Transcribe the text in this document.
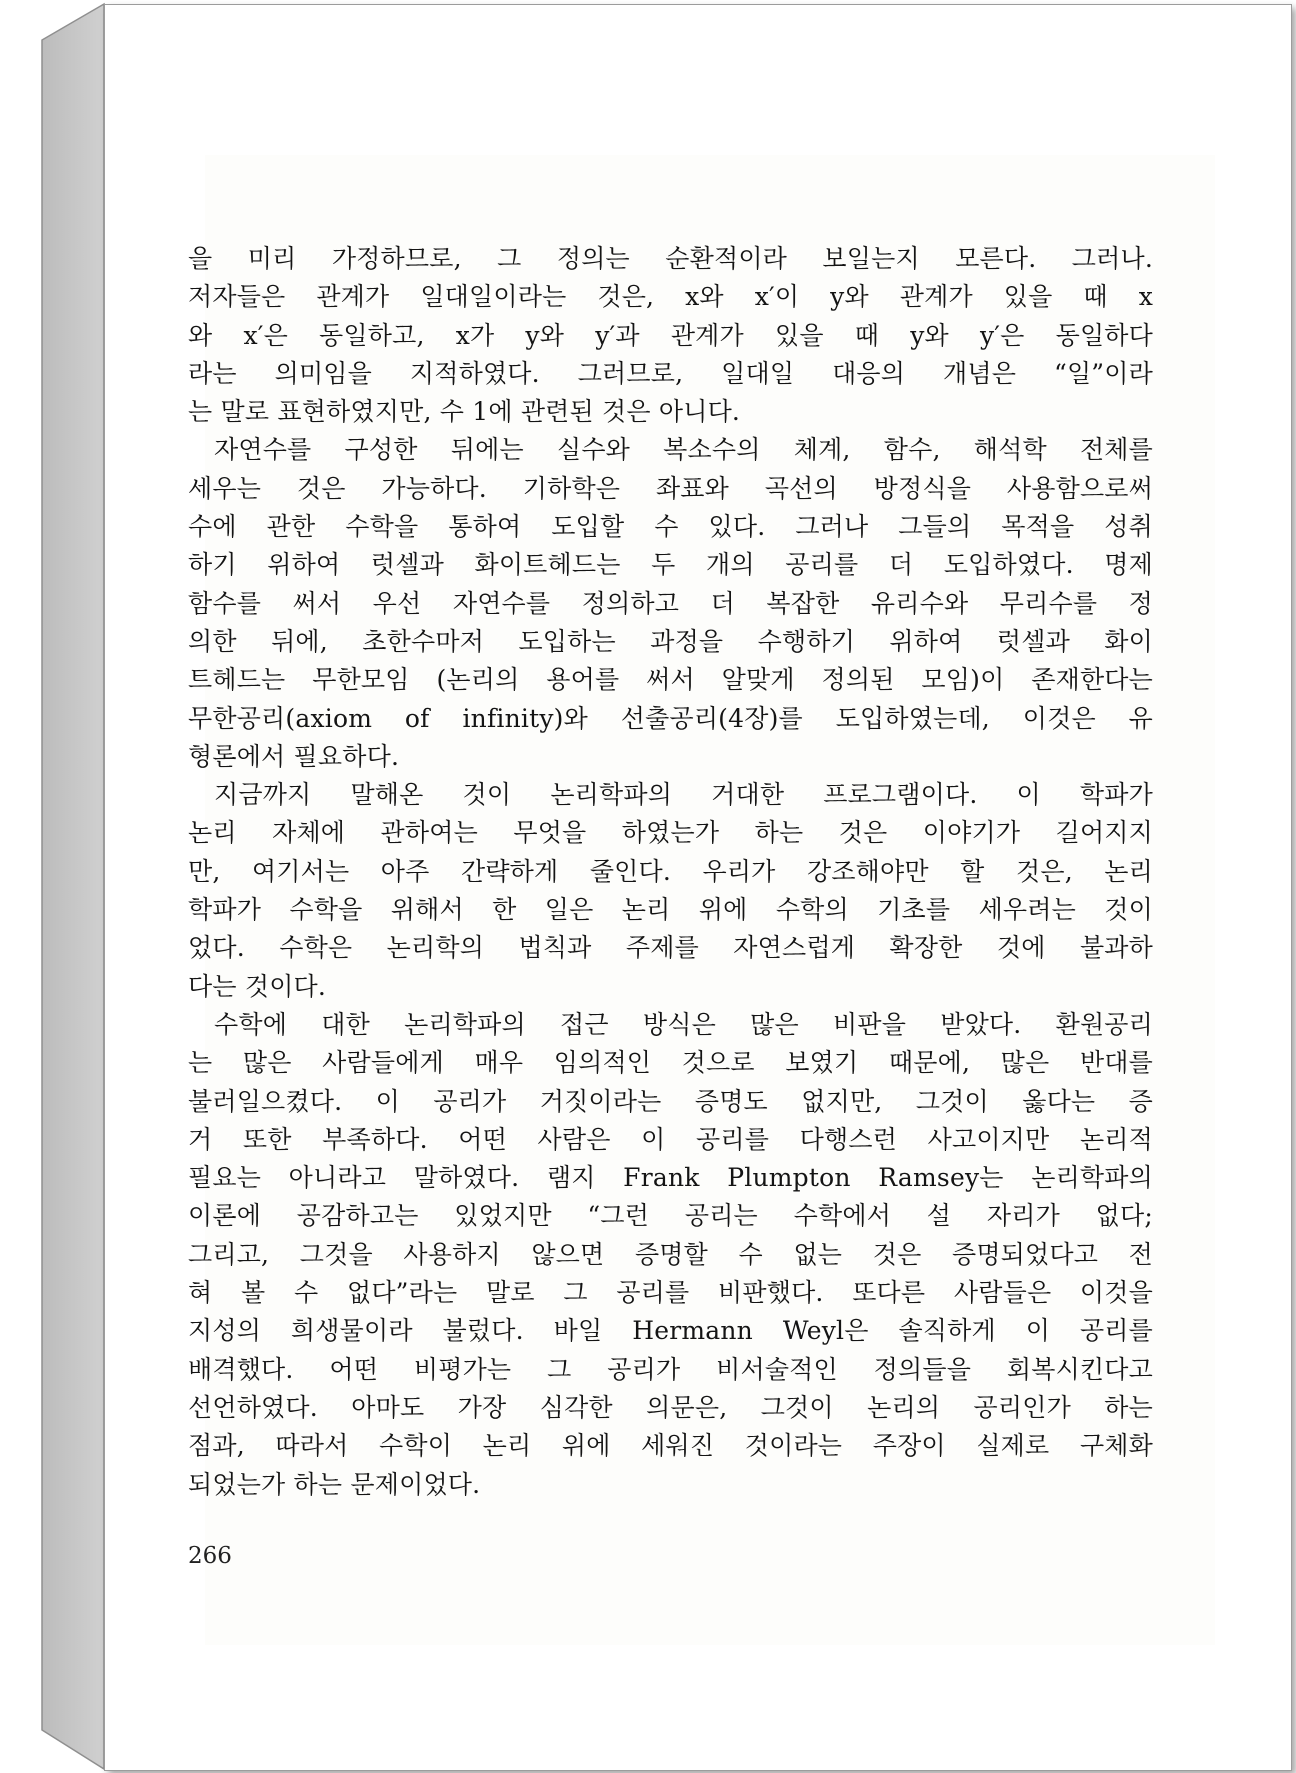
을 미리 가정하므로, 그 정의는 순환적이라 보일는지 모른다. 그러나.
저자들은 관계가 일대일이라는 것은, x와 x′이 y와 관계가 있을 때 x
와 x′은 동일하고, x가 y와 y′과 관계가 있을 때 y와 y′은 동일하다
라는 의미임을 지적하였다. 그러므로, 일대일 대응의 개념은 “일”이라
는 말로 표현하였지만, 수 1에 관련된 것은 아니다.
자연수를 구성한 뒤에는 실수와 복소수의 체계, 함수, 해석학 전체를
세우는 것은 가능하다. 기하학은 좌표와 곡선의 방정식을 사용함으로써
수에 관한 수학을 통하여 도입할 수 있다. 그러나 그들의 목적을 성취
하기 위하여 럿셀과 화이트헤드는 두 개의 공리를 더 도입하였다. 명제
함수를 써서 우선 자연수를 정의하고 더 복잡한 유리수와 무리수를 정
의한 뒤에, 초한수마저 도입하는 과정을 수행하기 위하여 럿셀과 화이
트헤드는 무한모임 (논리의 용어를 써서 알맞게 정의된 모임)이 존재한다는
무한공리(axiom of infinity)와 선출공리(4장)를 도입하였는데, 이것은 유
형론에서 필요하다.
지금까지 말해온 것이 논리학파의 거대한 프로그램이다. 이 학파가
논리 자체에 관하여는 무엇을 하였는가 하는 것은 이야기가 길어지지
만, 여기서는 아주 간략하게 줄인다. 우리가 강조해야만 할 것은, 논리
학파가 수학을 위해서 한 일은 논리 위에 수학의 기초를 세우려는 것이
었다. 수학은 논리학의 법칙과 주제를 자연스럽게 확장한 것에 불과하
다는 것이다.
수학에 대한 논리학파의 접근 방식은 많은 비판을 받았다. 환원공리
는 많은 사람들에게 매우 임의적인 것으로 보였기 때문에, 많은 반대를
불러일으켰다. 이 공리가 거짓이라는 증명도 없지만, 그것이 옳다는 증
거 또한 부족하다. 어떤 사람은 이 공리를 다행스런 사고이지만 논리적
필요는 아니라고 말하였다. 램지 Frank Plumpton Ramsey는 논리학파의
이론에 공감하고는 있었지만 “그런 공리는 수학에서 설 자리가 없다;
그리고, 그것을 사용하지 않으면 증명할 수 없는 것은 증명되었다고 전
혀 볼 수 없다”라는 말로 그 공리를 비판했다. 또다른 사람들은 이것을
지성의 희생물이라 불렀다. 바일 Hermann Weyl은 솔직하게 이 공리를
배격했다. 어떤 비평가는 그 공리가 비서술적인 정의들을 회복시킨다고
선언하였다. 아마도 가장 심각한 의문은, 그것이 논리의 공리인가 하는
점과, 따라서 수학이 논리 위에 세워진 것이라는 주장이 실제로 구체화
되었는가 하는 문제이었다.
266
